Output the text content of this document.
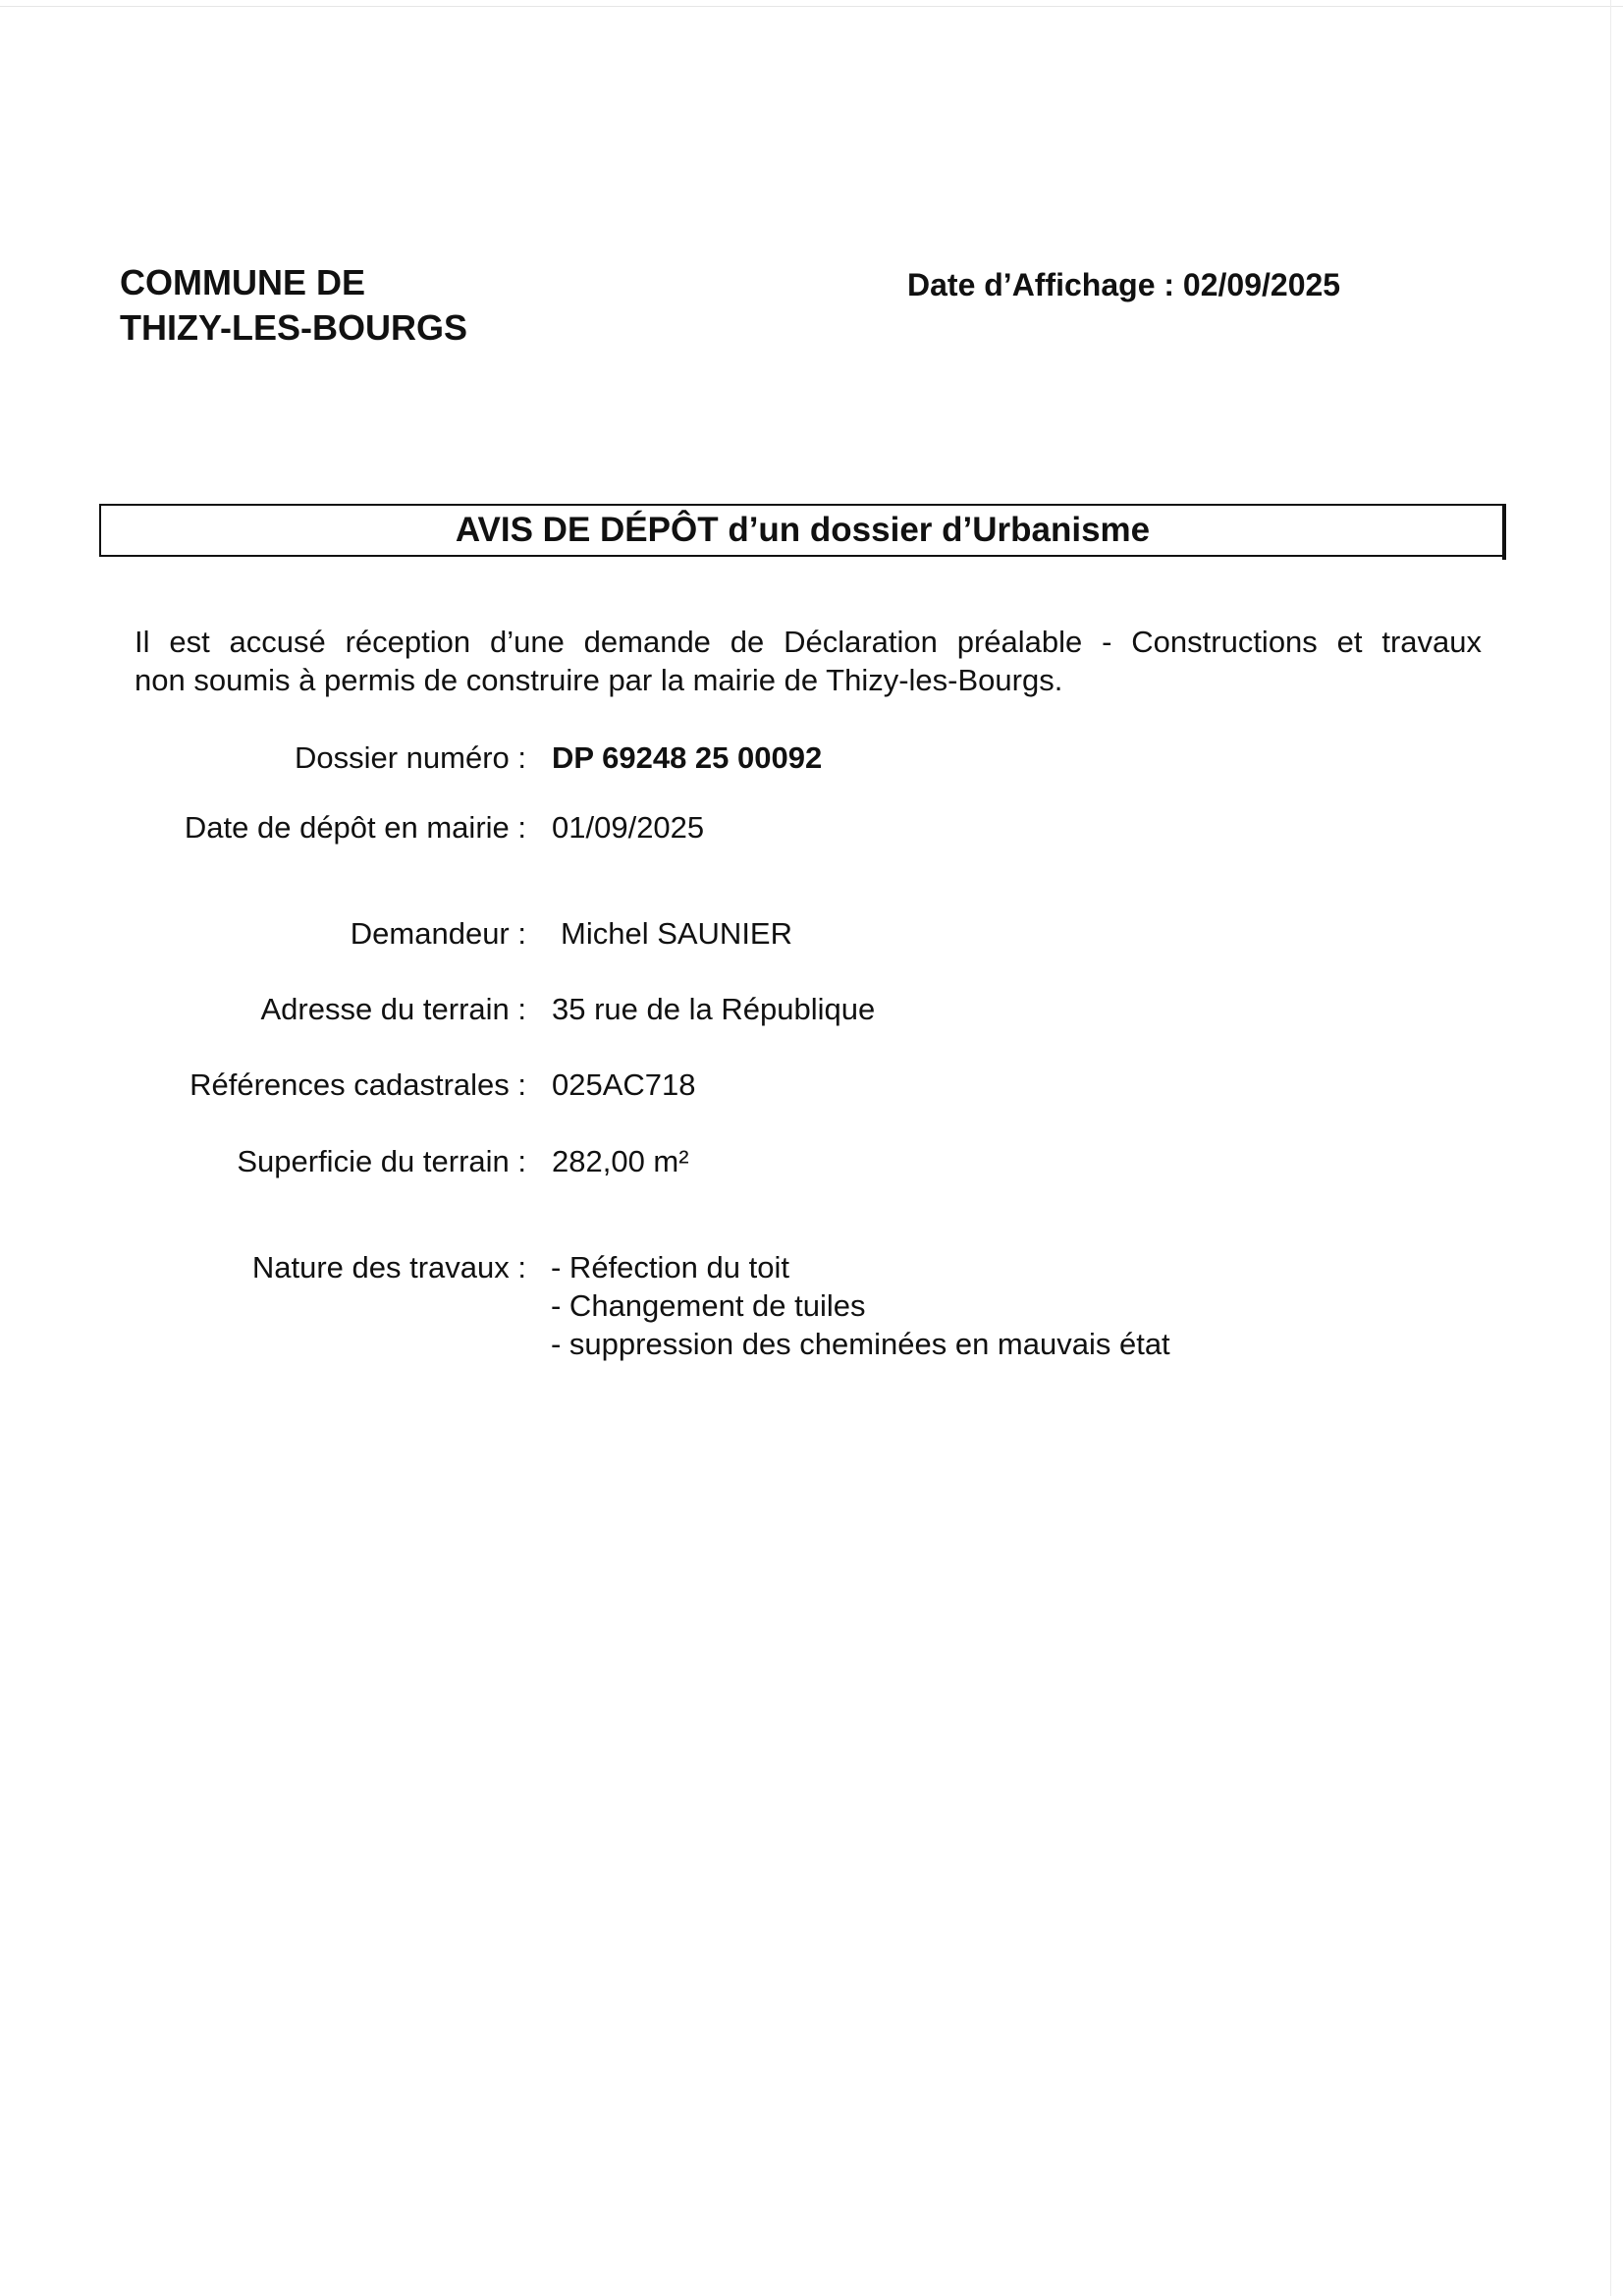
COMMUNE DE
THIZY-LES-BOURGS
Date d’Affichage : 02/09/2025
AVIS DE DÉPÔT d’un dossier d’Urbanisme
Il est accusé réception d’une demande de Déclaration préalable - Constructions et travaux
non soumis à permis de construire par la mairie de Thizy-les-Bourgs.
Dossier numéro : DP 69248 25 00092
Date de dépôt en mairie : 01/09/2025
Demandeur : Michel SAUNIER
Adresse du terrain : 35 rue de la République
Références cadastrales : 025AC718
Superficie du terrain : 282,00 m²
Nature des travaux : - Réfection du toit
- Changement de tuiles
- suppression des cheminées en mauvais état
